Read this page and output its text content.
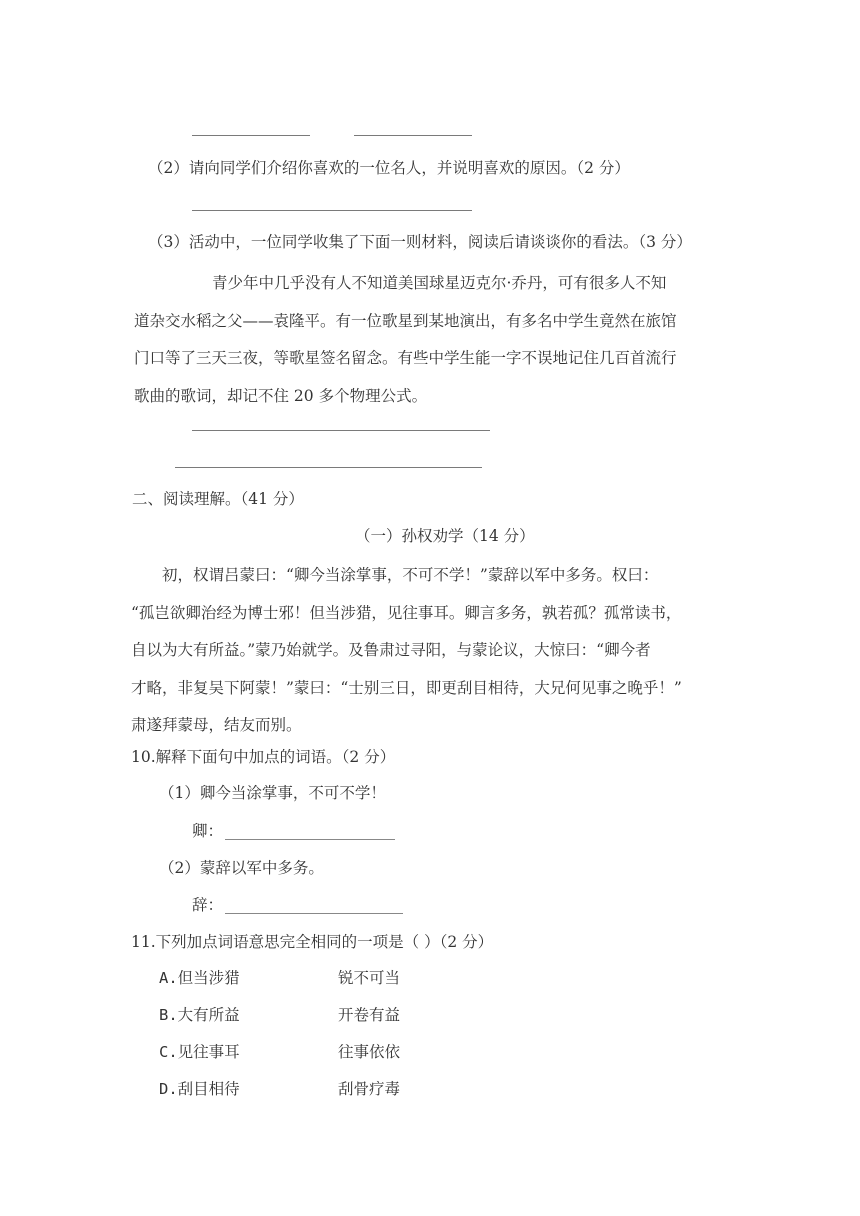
（2）请向同学们介绍你喜欢的一位名人，并说明喜欢的原因。（2 分）
（3）活动中，一位同学收集了下面一则材料，阅读后请谈谈你的看法。（3 分）
青少年中几乎没有人不知道美国球星迈克尔·乔丹，可有很多人不知
道杂交水稻之父——袁隆平。有一位歌星到某地演出，有多名中学生竟然在旅馆
门口等了三天三夜，等歌星签名留念。有些中学生能一字不误地记住几百首流行
歌曲的歌词，却记不住 20 多个物理公式。
二、阅读理解。（41 分）
（一）孙权劝学（14 分）
初，权谓吕蒙曰：“卿今当涂掌事，不可不学！”蒙辞以军中多务。权曰：
“孤岂欲卿治经为博士邪！但当涉猎，见往事耳。卿言多务，孰若孤？孤常读书，
自以为大有所益。”蒙乃始就学。及鲁肃过寻阳，与蒙论议，大惊曰：“卿今者
才略，非复吴下阿蒙！”蒙曰：“士别三日，即更刮目相待，大兄何见事之晚乎！”
肃遂拜蒙母，结友而别。
10.解释下面句中加点的词语。（2 分）
（1）卿今当涂掌事，不可不学！
卿：
（2）蒙辞以军中多务。
辞：
11.下列加点词语意思完全相同的一项是（ ）（2 分）
A.但当涉猎	锐不可当
B.大有所益	开卷有益
C.见往事耳	往事依依
D.刮目相待	刮骨疗毒
